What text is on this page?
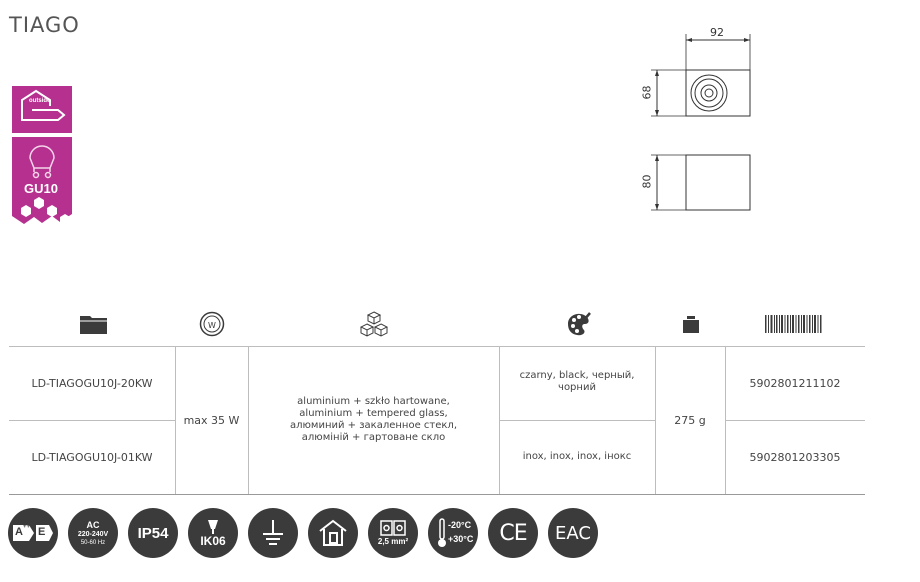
TIAGO
outside
GU10
92
68
80
W
LD-TIAGOGU10J-20KW
LD-TIAGOGU10J-01KW
max 35 W
aluminium + szkło hartowane,
aluminium + tempered glass,
алюминий + закаленное стекл,
алюміній + гартоване скло
czarny, black, черный,
чорний
inox, inox, inox, інокс
275 g
5902801211102
5902801203305
A ++ E
AC
220-240V
50-60 Hz
IP54	IK06	2,5 mm²
-20°C
+30°C CE EAC
